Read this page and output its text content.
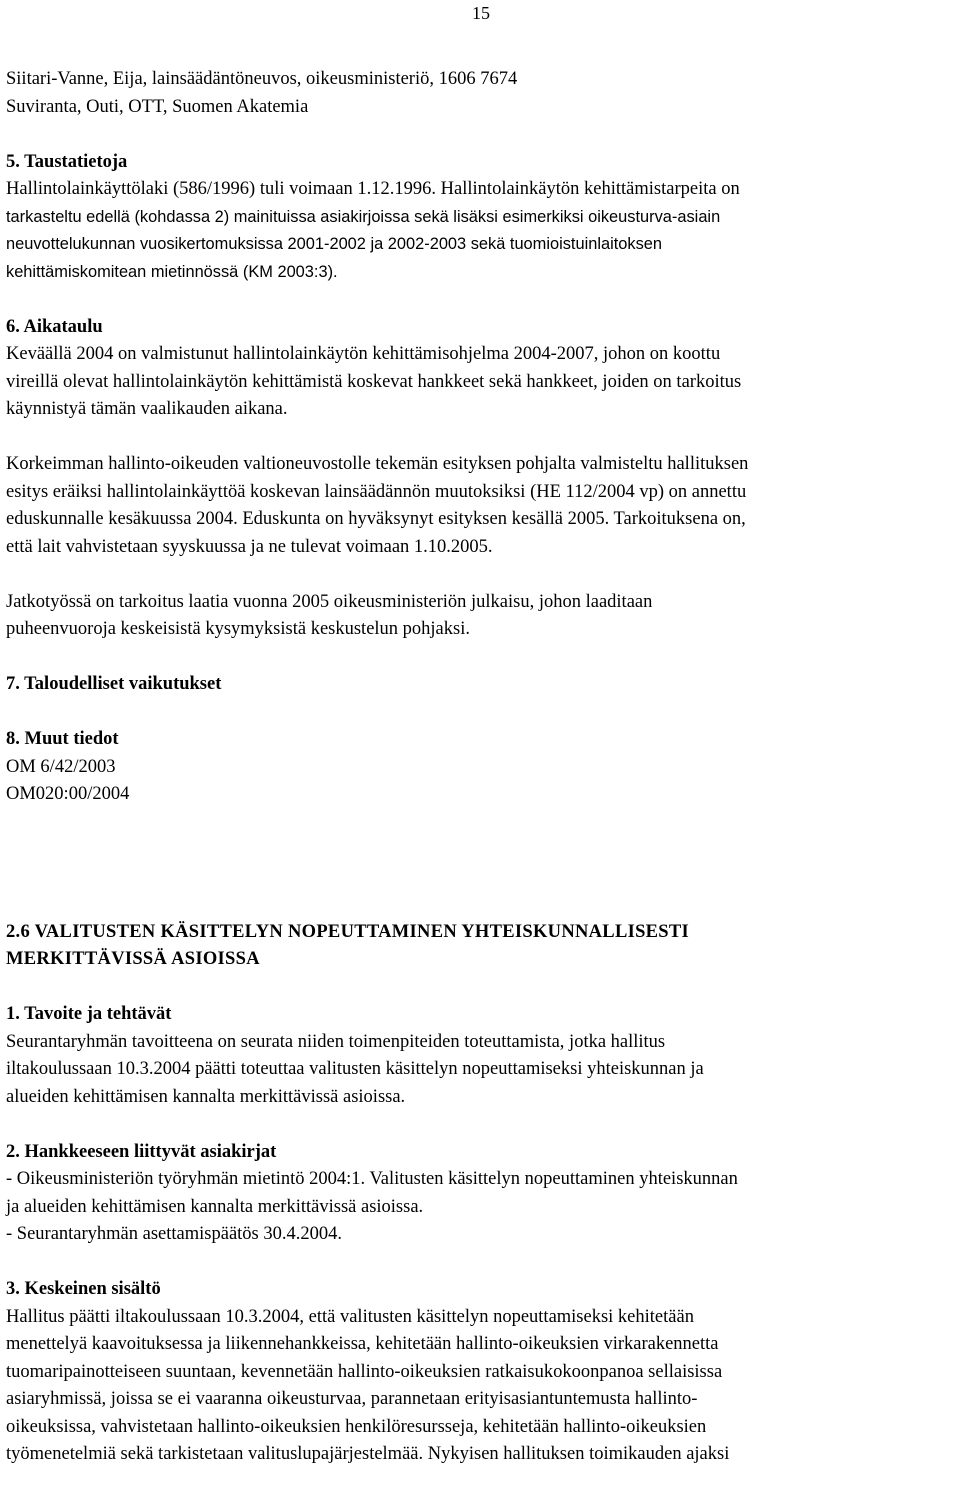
15
Siitari-Vanne, Eija, lainsäädäntöneuvos, oikeusministeriö, 1606 7674
Suviranta, Outi, OTT, Suomen Akatemia
5. Taustatietoja
Hallintolainkäyttölaki (586/1996) tuli voimaan 1.12.1996. Hallintolainkäytön kehittämistarpeita on
tarkasteltu edellä (kohdassa 2) mainituissa asiakirjoissa sekä lisäksi esimerkiksi oikeusturva-asiain
neuvottelukunnan vuosikertomuksissa 2001-2002 ja 2002-2003 sekä tuomioistuinlaitoksen
kehittämiskomitean mietinnössä (KM 2003:3).
6. Aikataulu
Keväällä 2004 on valmistunut hallintolainkäytön kehittämisohjelma 2004-2007, johon on koottu
vireillä olevat hallintolainkäytön kehittämistä koskevat hankkeet sekä hankkeet, joiden on tarkoitus
käynnistyä tämän vaalikauden aikana.
Korkeimman hallinto-oikeuden valtioneuvostolle tekemän esityksen pohjalta valmisteltu hallituksen
esitys eräiksi hallintolainkäyttöä koskevan lainsäädännön muutoksiksi (HE 112/2004 vp) on annettu
eduskunnalle kesäkuussa 2004. Eduskunta on hyväksynyt esityksen kesällä 2005. Tarkoituksena on,
että lait vahvistetaan syyskuussa ja ne tulevat voimaan 1.10.2005.
Jatkotyössä on tarkoitus laatia vuonna 2005 oikeusministeriön julkaisu, johon laaditaan
puheenvuoroja keskeisistä kysymyksistä keskustelun pohjaksi.
7. Taloudelliset vaikutukset
8. Muut tiedot
OM 6/42/2003
OM020:00/2004
2.6 VALITUSTEN KÄSITTELYN NOPEUTTAMINEN YHTEISKUNNALLISESTI
MERKITTÄVISSÄ ASIOISSA
1. Tavoite ja tehtävät
Seurantaryhmän tavoitteena on seurata niiden toimenpiteiden toteuttamista, jotka hallitus
iltakoulussaan 10.3.2004 päätti toteuttaa valitusten käsittelyn nopeuttamiseksi yhteiskunnan ja
alueiden kehittämisen kannalta merkittävissä asioissa.
2. Hankkeeseen liittyvät asiakirjat
- Oikeusministeriön työryhmän mietintö 2004:1. Valitusten käsittelyn nopeuttaminen yhteiskunnan
ja alueiden kehittämisen kannalta merkittävissä asioissa.
- Seurantaryhmän asettamispäätös 30.4.2004.
3. Keskeinen sisältö
Hallitus päätti iltakoulussaan 10.3.2004, että valitusten käsittelyn nopeuttamiseksi kehitetään
menettelyä kaavoituksessa ja liikennehankkeissa, kehitetään hallinto-oikeuksien virkarakennetta
tuomaripainotteiseen suuntaan, kevennetään hallinto-oikeuksien ratkaisukokoonpanoa sellaisissa
asiaryhmissä, joissa se ei vaaranna oikeusturvaa, parannetaan erityisasiantuntemusta hallinto-
oikeuksissa, vahvistetaan hallinto-oikeuksien henkilöresursseja, kehitetään hallinto-oikeuksien
työmenetelmiä sekä tarkistetaan valituslupajärjestelmää. Nykyisen hallituksen toimikauden ajaksi
